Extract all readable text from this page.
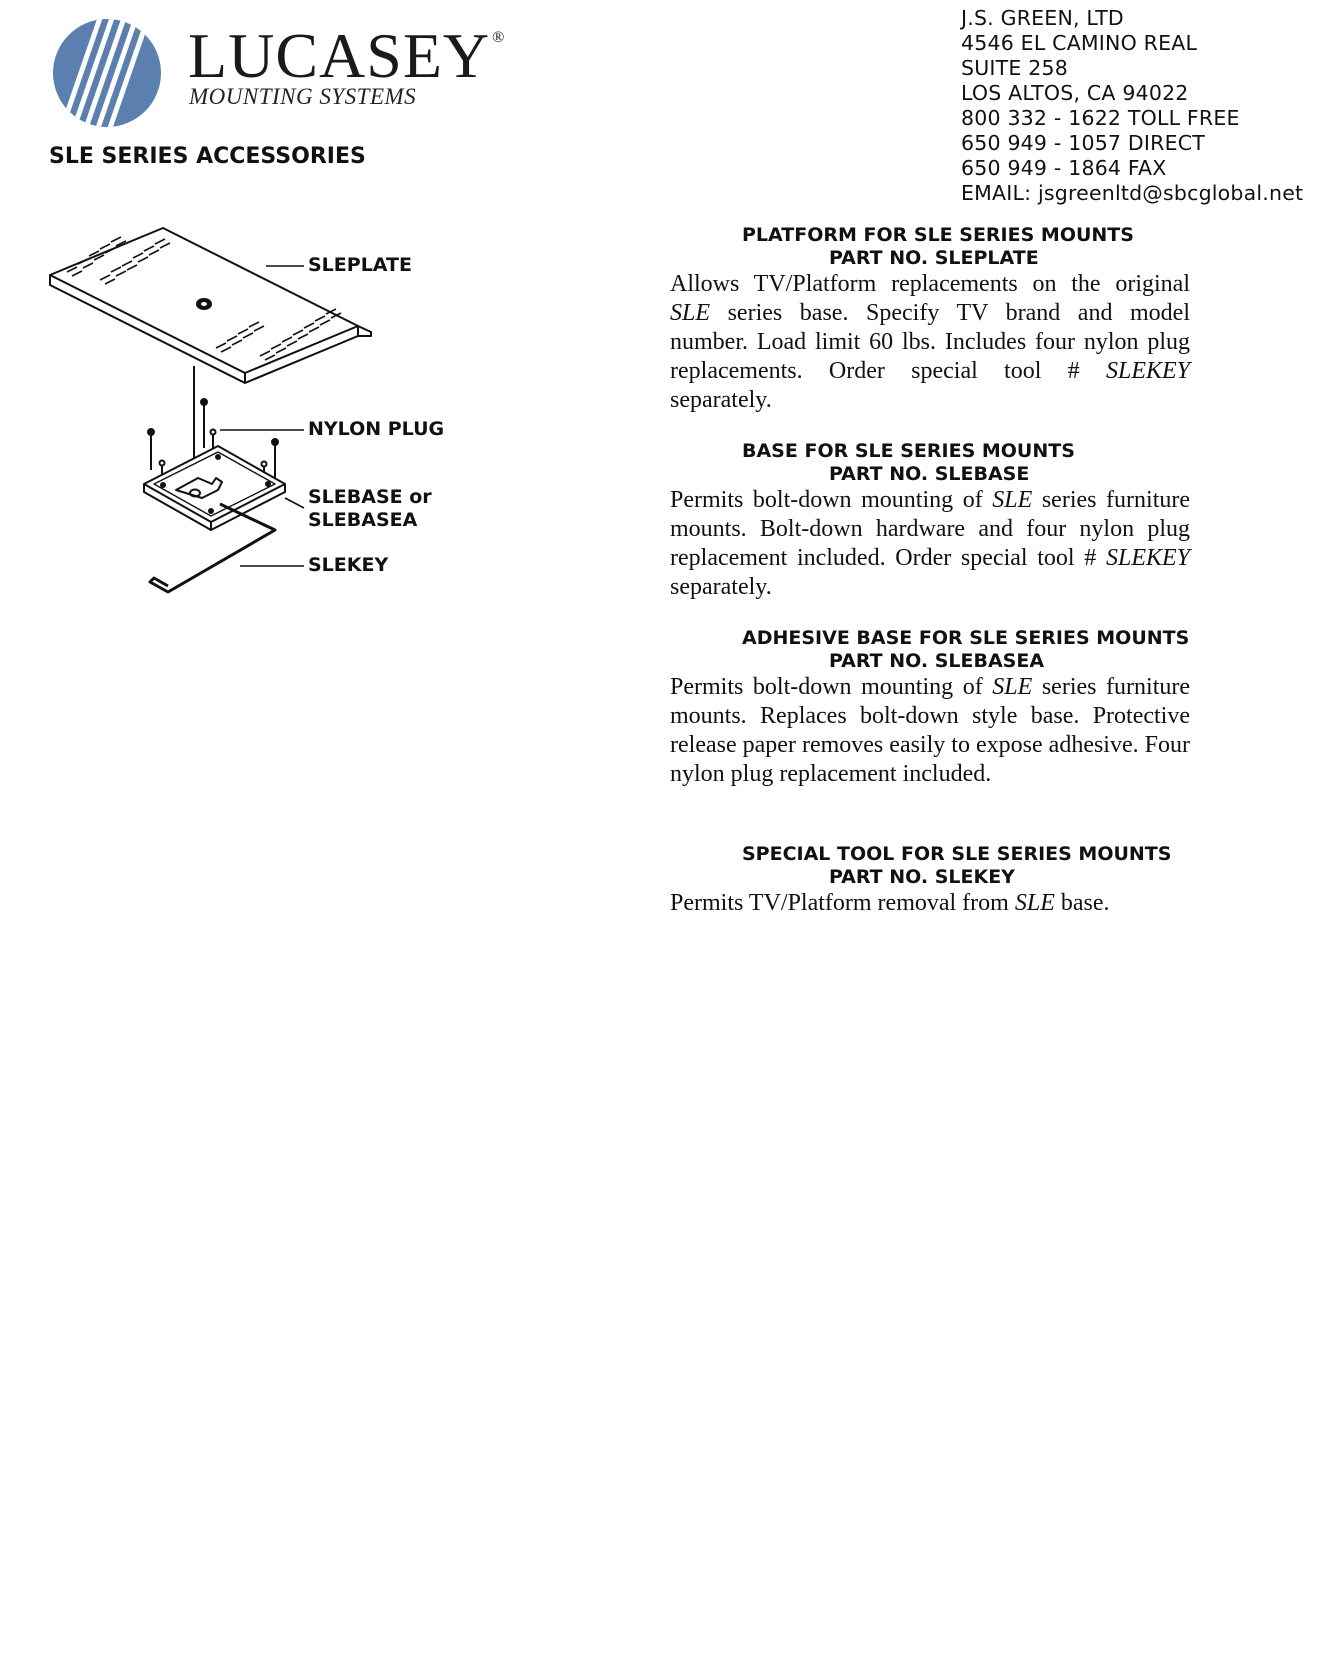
LUCASEY ®
MOUNTING SYSTEMS
SLE SERIES ACCESSORIES
J.S. GREEN, LTD
4546 EL CAMINO REAL
SUITE 258
LOS ALTOS, CA 94022
800 332 - 1622 TOLL FREE
650 949 - 1057 DIRECT
650 949 - 1864 FAX
EMAIL: jsgreenltd@sbcglobal.net
SLEPLATE
NYLON PLUG
SLEBASE or
SLEBASEA
SLEKEY
PLATFORM FOR SLE SERIES MOUNTS
PART NO. SLEPLATE

Allows TV/Platform replacements on the original SLE series base. Specify TV brand and model number. Load limit 60 lbs. Includes four nylon plug replacements. Order special tool # SLEKEY separately.

BASE FOR SLE SERIES MOUNTS
PART NO. SLEBASE

Permits bolt-down mounting of SLE series furniture mounts. Bolt-down hardware and four nylon plug replacement included. Order special tool # SLEKEY separately.

ADHESIVE BASE FOR SLE SERIES MOUNTS
PART NO. SLEBASEA

Permits bolt-down mounting of SLE series furniture mounts. Replaces bolt-down style base. Protective release paper removes easily to expose adhesive. Four nylon plug replacement included.

SPECIAL TOOL FOR SLE SERIES MOUNTS
PART NO. SLEKEY

Permits TV/Platform removal from SLE base.
